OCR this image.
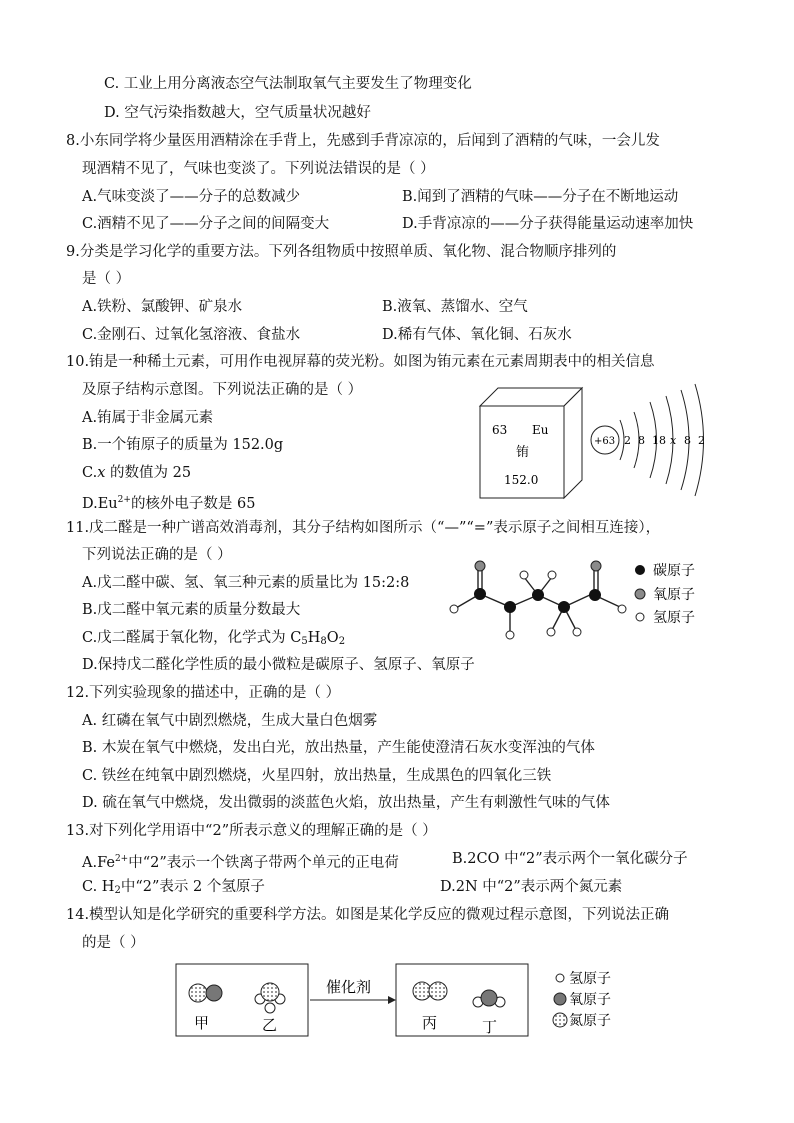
C. 工业上用分离液态空气法制取氧气主要发生了物理变化
D. 空气污染指数越大，空气质量状况越好
8.小东同学将少量医用酒精涂在手背上，先感到手背凉凉的，后闻到了酒精的气味，一会儿发
现酒精不见了，气味也变淡了。下列说法错误的是（ ）
A.气味变淡了——分子的总数减少	B.闻到了酒精的气味——分子在不断地运动
C.酒精不见了——分子之间的间隔变大	D.手背凉凉的——分子获得能量运动速率加快
9.分类是学习化学的重要方法。下列各组物质中按照单质、氧化物、混合物顺序排列的
是（ ）
A.铁粉、氯酸钾、矿泉水	B.液氧、蒸馏水、空气
C.金刚石、过氧化氢溶液、食盐水	D.稀有气体、氧化铜、石灰水
10.铕是一种稀土元素，可用作电视屏幕的荧光粉。如图为铕元素在元素周期表中的相关信息
及原子结构示意图。下列说法正确的是（ ）
A.铕属于非金属元素
B.一个铕原子的质量为 152.0g
C.x 的数值为 25
$D.Eu^{2+}$的核外电子数是 65
63 Eu
铕
152.0
+63 2 8 18 x 8 2
11.戊二醛是一种广谱高效消毒剂，其分子结构如图所示（“—”“=”表示原子之间相互连接），
下列说法正确的是（ ）
A.戊二醛中碳、氢、氧三种元素的质量比为 15:2:8
B.戊二醛中氧元素的质量分数最大
C.戊二醛属于氧化物，化学式为 $C_5H_8O_2$
D.保持戊二醛化学性质的最小微粒是碳原子、氢原子、氧原子
碳原子
氧原子
氢原子
12.下列实验现象的描述中，正确的是（ ）
A. 红磷在氧气中剧烈燃烧，生成大量白色烟雾
B. 木炭在氧气中燃烧，发出白光，放出热量，产生能使澄清石灰水变浑浊的气体
C. 铁丝在纯氧中剧烈燃烧，火星四射，放出热量，生成黑色的四氧化三铁
D. 硫在氧气中燃烧，发出微弱的淡蓝色火焰，放出热量，产生有刺激性气味的气体
13.对下列化学用语中“2”所表示意义的理解正确的是（ ）
$A.Fe^{2+}$中“2”表示一个铁离子带两个单元的正电荷	B.2CO 中“2”表示两个一氧化碳分子
C. $H_2$中“2”表示 2 个氢原子	D.2N 中“2”表示两个氮元素
14.模型认知是化学研究的重要科学方法。如图是某化学反应的微观过程示意图，下列说法正确
的是（ ）
甲	乙
催化剂
丙	丁
氢原子
氧原子
氮原子
